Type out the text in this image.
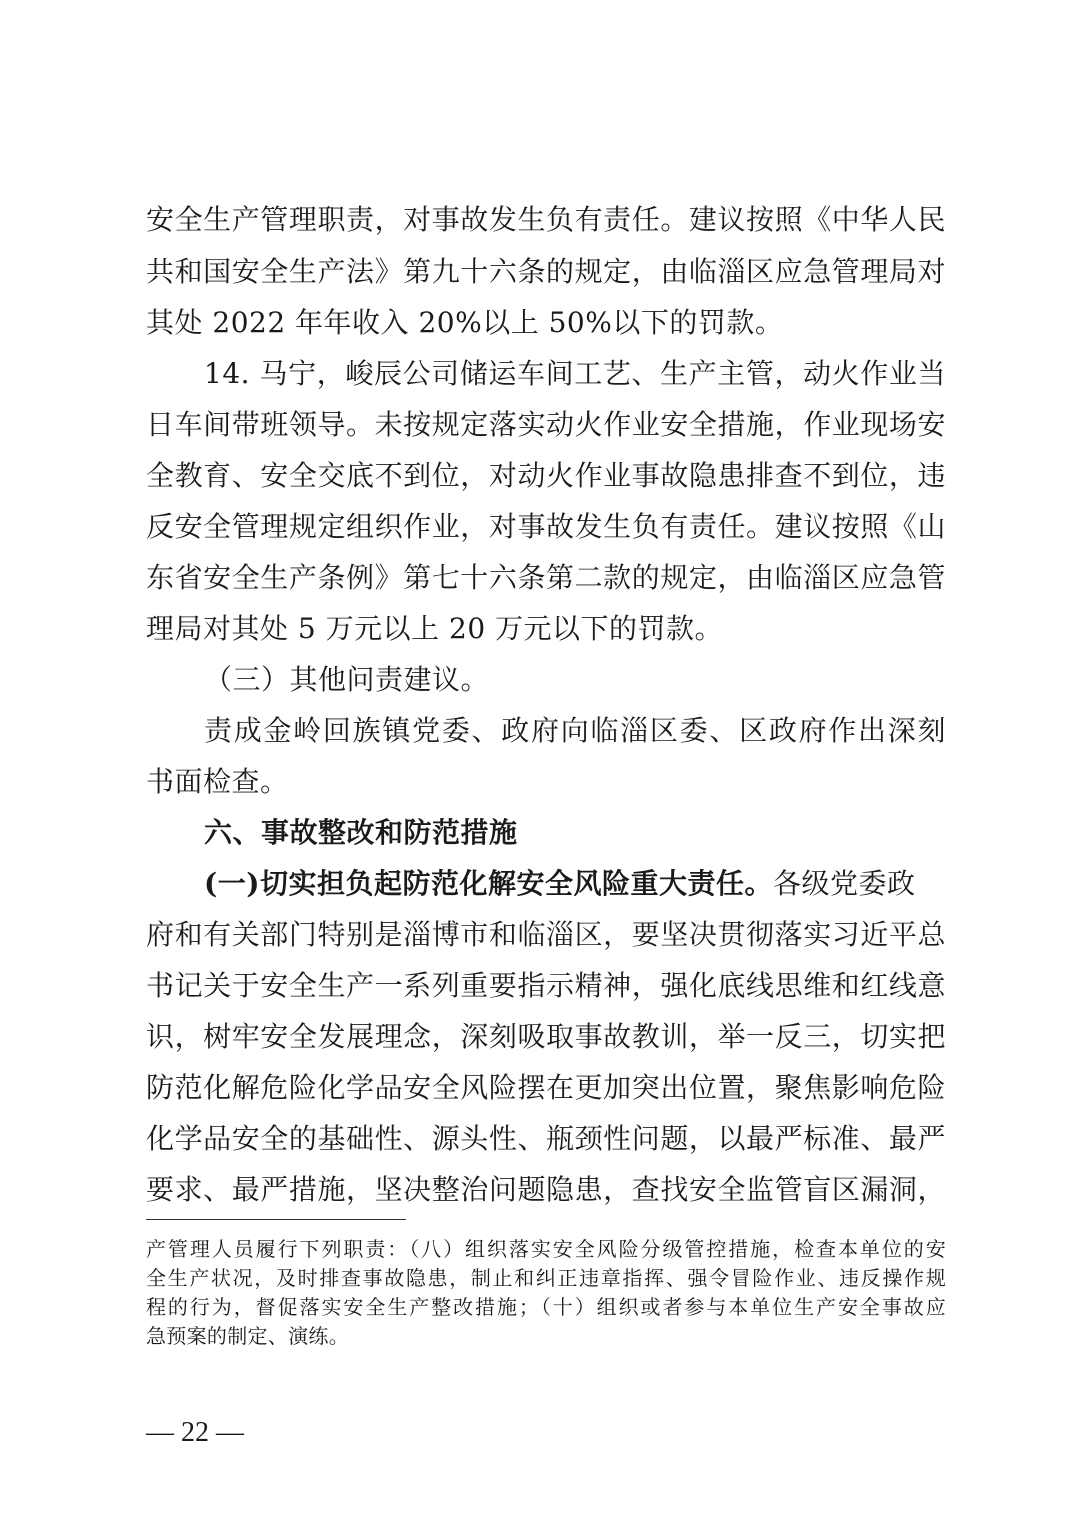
安全生产管理职责，对事故发生负有责任。建议按照《中华人民
共和国安全生产法》第九十六条的规定，由临淄区应急管理局对
其处 2022 年年收入 20%以上 50%以下的罚款。
14. 马宁，峻辰公司储运车间工艺、生产主管，动火作业当
日车间带班领导。未按规定落实动火作业安全措施，作业现场安
全教育、安全交底不到位，对动火作业事故隐患排查不到位，违
反安全管理规定组织作业，对事故发生负有责任。建议按照《山
东省安全生产条例》第七十六条第二款的规定，由临淄区应急管
理局对其处 5 万元以上 20 万元以下的罚款。
（三）其他问责建议。
责成金岭回族镇党委、政府向临淄区委、区政府作出深刻
书面检查。
六、事故整改和防范措施
(一)切实担负起防范化解安全风险重大责任。各级党委政
府和有关部门特别是淄博市和临淄区，要坚决贯彻落实习近平总
书记关于安全生产一系列重要指示精神，强化底线思维和红线意
识，树牢安全发展理念，深刻吸取事故教训，举一反三，切实把
防范化解危险化学品安全风险摆在更加突出位置，聚焦影响危险
化学品安全的基础性、源头性、瓶颈性问题，以最严标准、最严
要求、最严措施，坚决整治问题隐患，查找安全监管盲区漏洞，
产管理人员履行下列职责：（八）组织落实安全风险分级管控措施，检查本单位的安
全生产状况，及时排查事故隐患，制止和纠正违章指挥、强令冒险作业、违反操作规
程的行为，督促落实安全生产整改措施；（十）组织或者参与本单位生产安全事故应
急预案的制定、演练。
— 22 —
